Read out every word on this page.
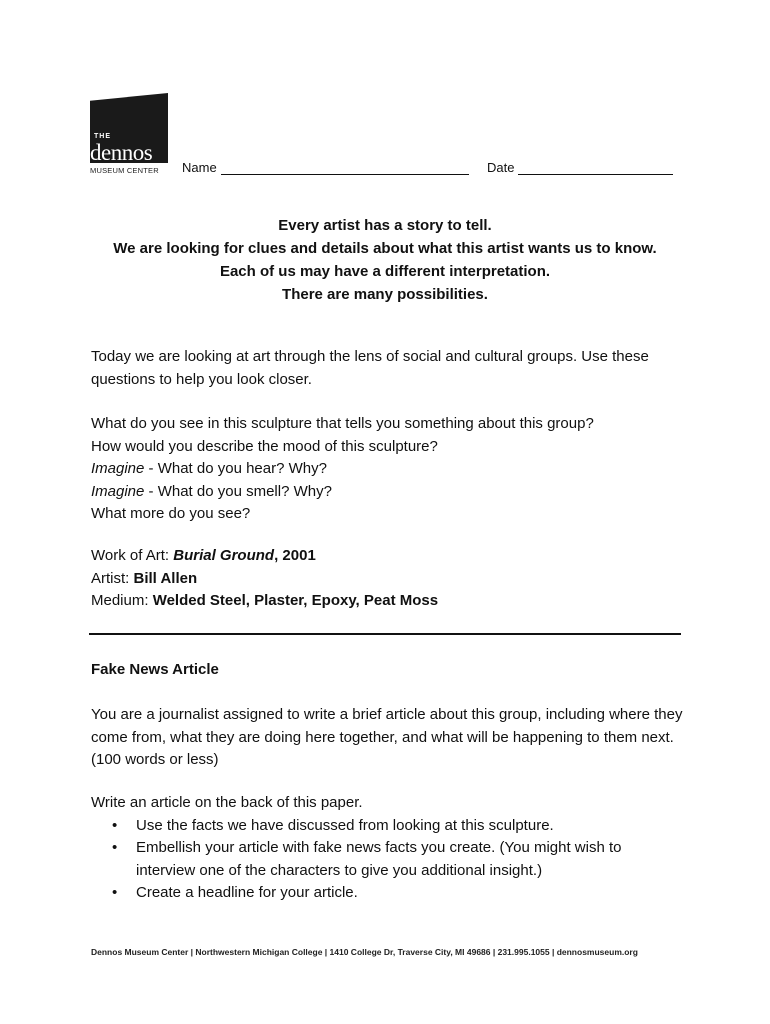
THE
dennos
MUSEUM CENTER Name	Date
Every artist has a story to tell.
We are looking for clues and details about what this artist wants us to know.
Each of us may have a different interpretation.
There are many possibilities.

Today we are looking at art through the lens of social and cultural groups. Use these questions to help you look closer.

What do you see in this sculpture that tells you something about this group?

How would you describe the mood of this sculpture?

Imagine - What do you hear? Why?

Imagine - What do you smell? Why?

What more do you see?

Work of Art: Burial Ground, 2001

Artist: Bill Allen

Medium: Welded Steel, Plaster, Epoxy, Peat Moss

Fake News Article

You are a journalist assigned to write a brief article about this group, including where they come from, what they are doing here together, and what will be happening to them next. (100 words or less)

Write an article on the back of this paper.

• Use the facts we have discussed from looking at this sculpture.
• Embellish your article with fake news facts you create. (You might wish to interview one of the characters to give you additional insight.)
• Create a headline for your article.
Dennos Museum Center | Northwestern Michigan College | 1410 College Dr, Traverse City, MI 49686 | 231.995.1055 | dennosmuseum.org
